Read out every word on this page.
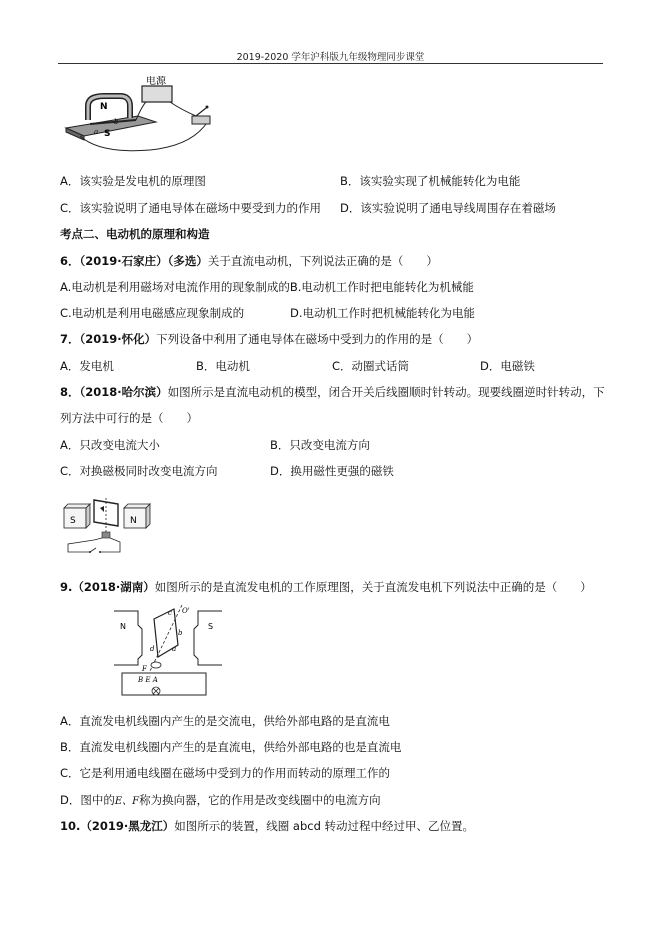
2019-2020 学年沪科版九年级物理同步课堂
电源
N
S
a
A．该实验是发电机的原理图	B．该实验实现了机械能转化为电能
C．该实验说明了通电导体在磁场中要受到力的作用 D．该实验说明了通电导线周围存在着磁场
考点二、电动机的原理和构造
6．（2019·石家庄）（多选）关于直流电动机，下列说法正确的是（　　）
A.电动机是利用磁场对电流作用的现象制成的B.电动机工作时把电能转化为机械能
C.电动机是利用电磁感应现象制成的	D.电动机工作时把机械能转化为电能
7．（2019·怀化）下列设备中利用了通电导体在磁场中受到力的作用的是（　　）
A．发电机	B．电动机	C．动圈式话筒	D．电磁铁
8．（2018·哈尔滨）如图所示是直流电动机的模型，闭合开关后线圈顺时针转动。现要线圈逆时针转动，下
列方法中可行的是（　　）
A．只改变电流大小	B．只改变电流方向
C．对换磁极同时改变电流方向	D．换用磁性更强的磁铁
S	N
9.（2018·湖南）如图所示的是直流发电机的工作原理图，关于直流发电机下列说法中正确的是（　　）
N	S
O'
c
b
d	a
F
B E A
A．直流发电机线圈内产生的是交流电，供给外部电路的是直流电
B．直流发电机线圈内产生的是直流电，供给外部电路的也是直流电
C．它是利用通电线圈在磁场中受到力的作用而转动的原理工作的
D．图中的E、F称为换向器，它的作用是改变线圈中的电流方向
10.（2019·黑龙江）如图所示的装置，线圈 abcd 转动过程中经过甲、乙位置。
